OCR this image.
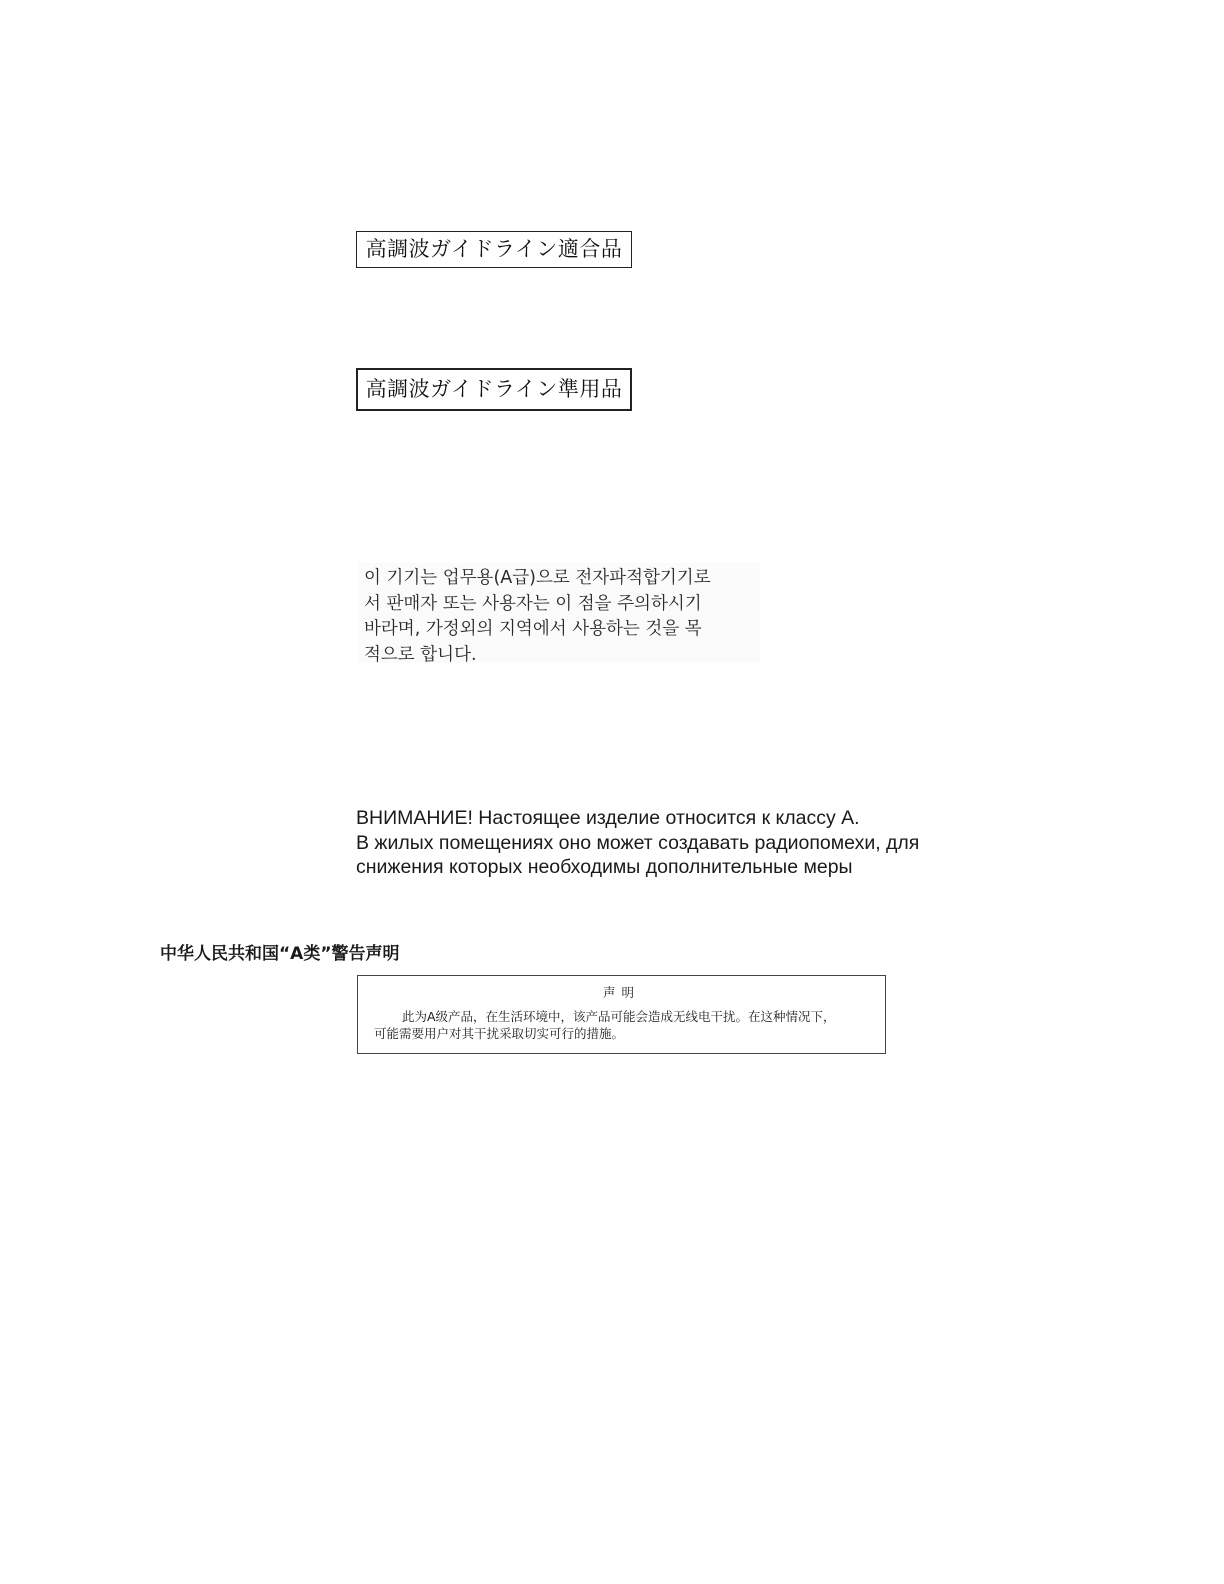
高調波ガイドライン適合品
高調波ガイドライン準用品
이 기기는 업무용(A급)으로 전자파적합기기로
서 판매자 또는 사용자는 이 점을 주의하시기
바라며, 가정외의 지역에서 사용하는 것을 목
적으로 합니다.
ВНИМАНИЕ! Настоящее изделие относится к классу А.
В жилых помещениях оно может создавать радиопомехи, для
снижения которых необходимы дополнительные меры
中华人民共和国“A类”警告声明
声明
此为A级产品，在生活环境中，该产品可能会造成无线电干扰。在这种情况下，
可能需要用户对其干扰采取切实可行的措施。
